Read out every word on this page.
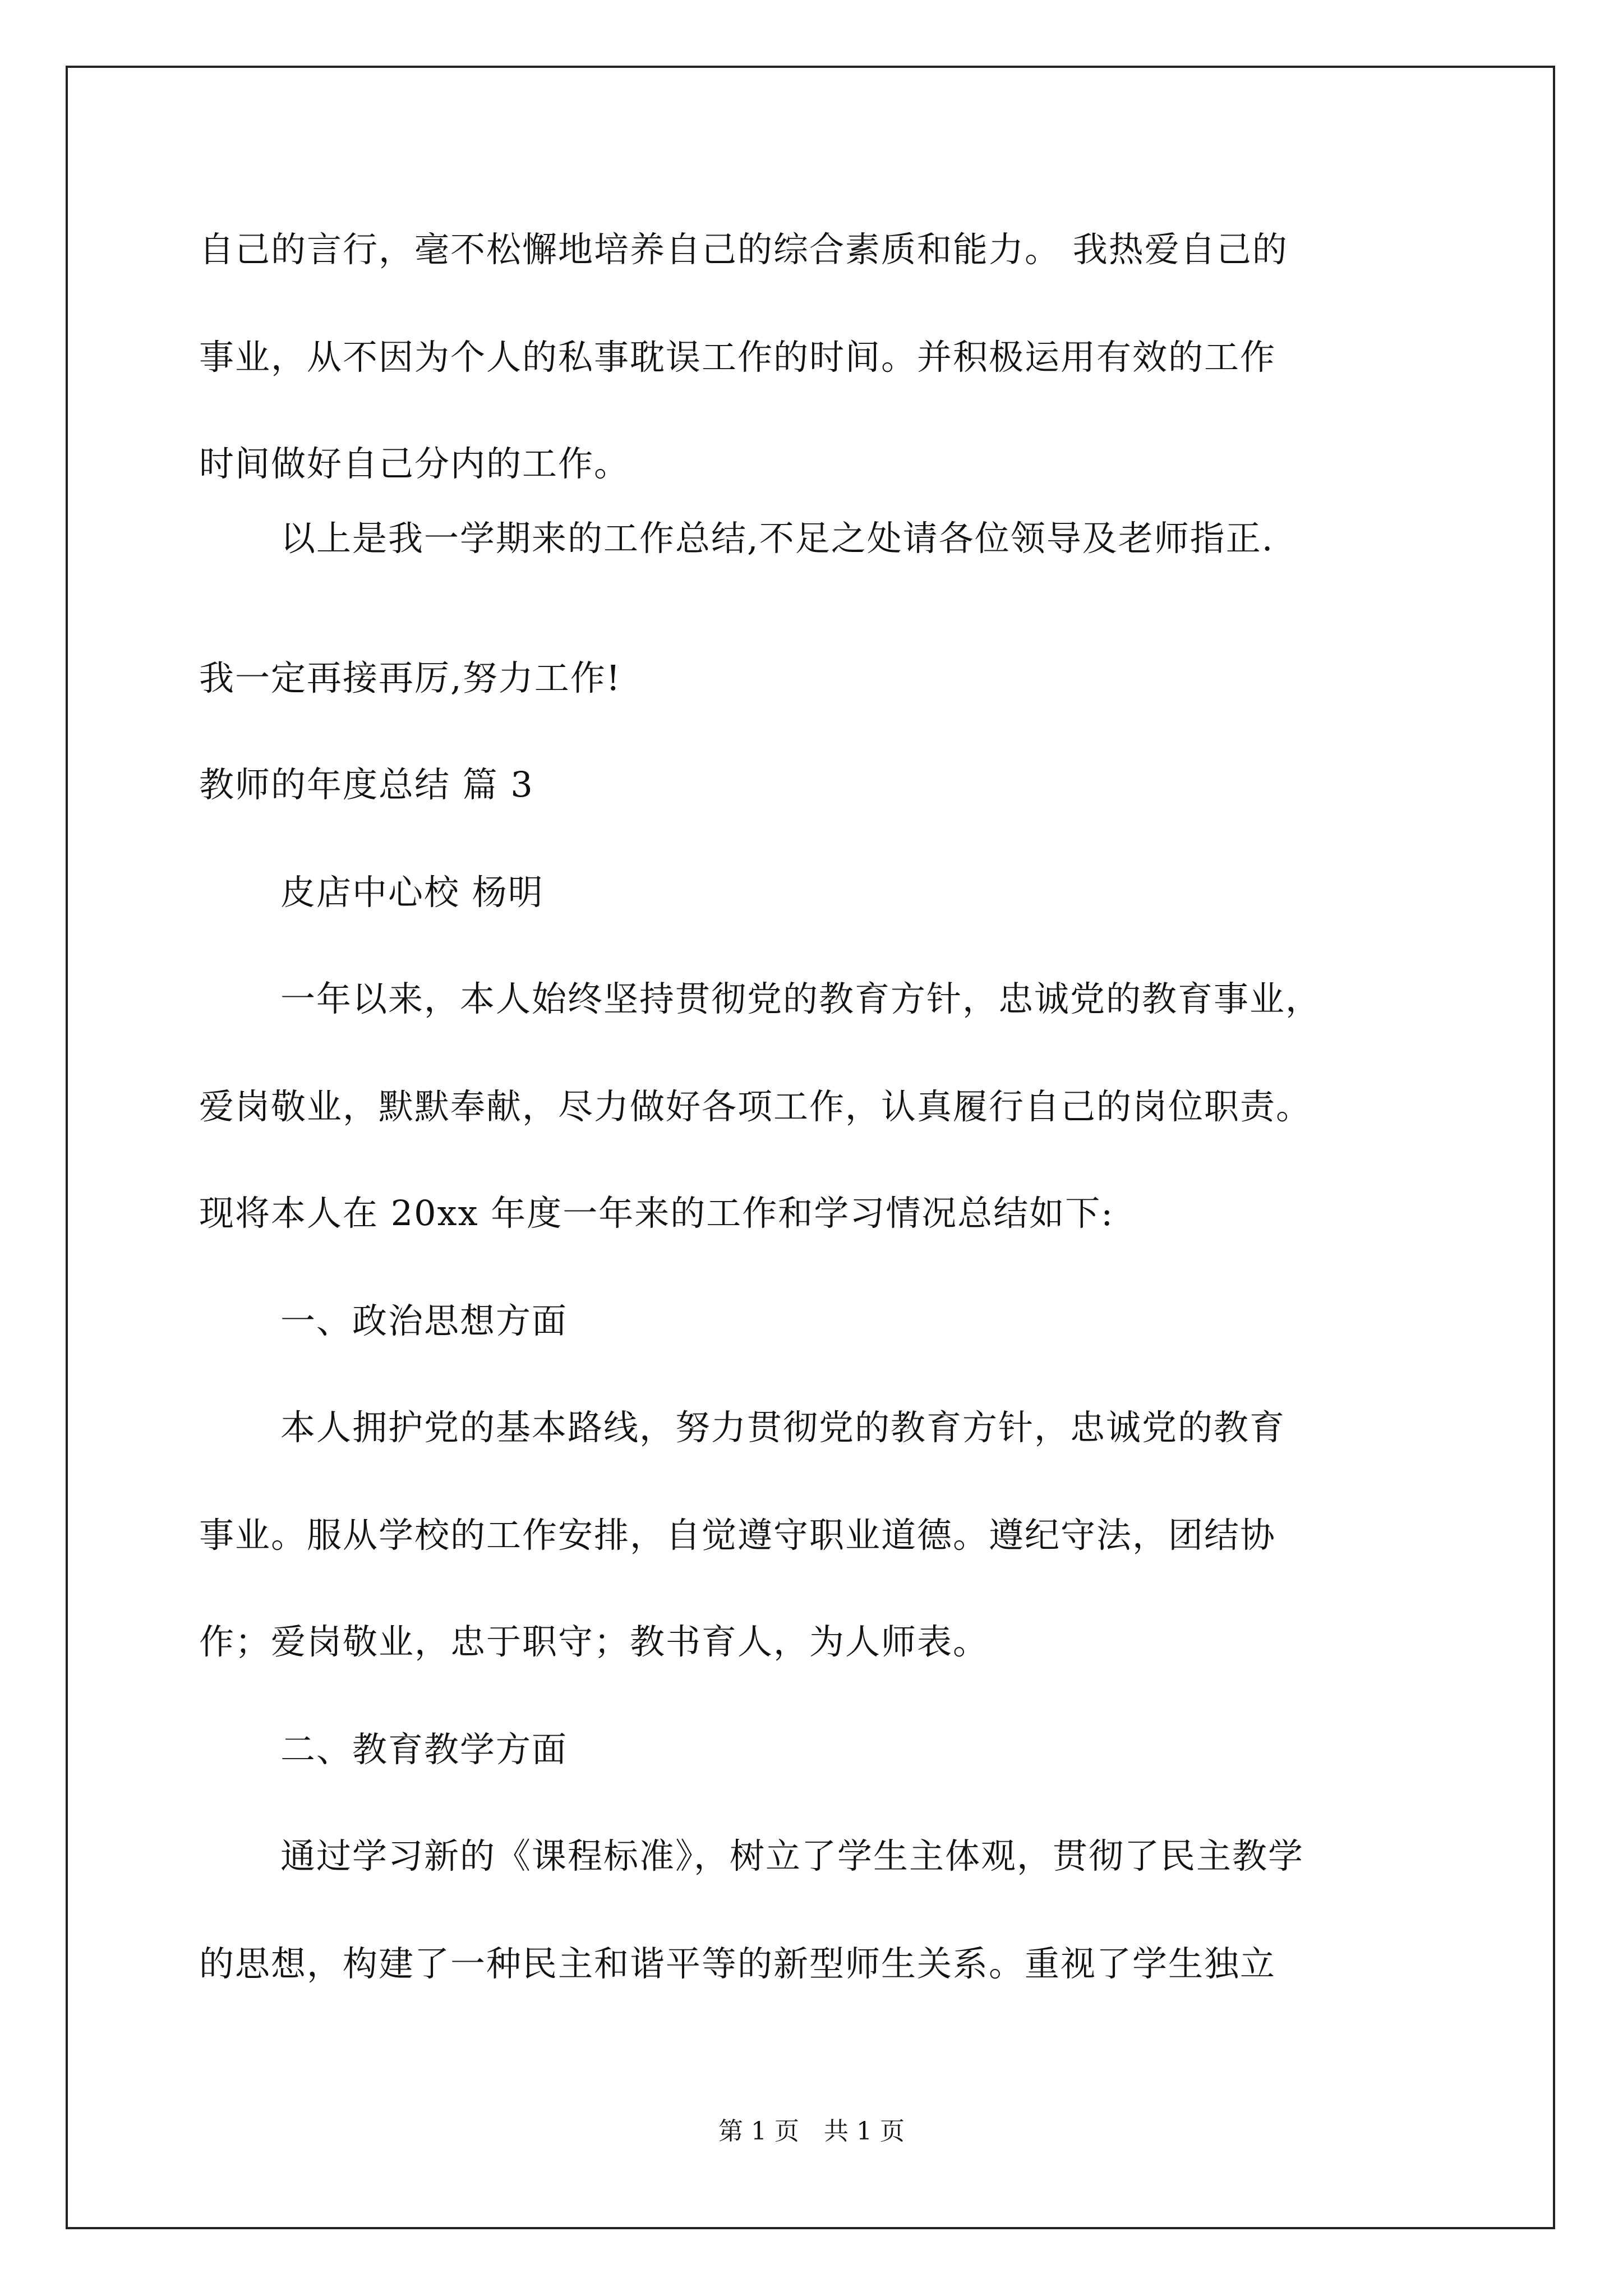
自己的言行，毫不松懈地培养自己的综合素质和能力。 我热爱自己的
事业，从不因为个人的私事耽误工作的时间。并积极运用有效的工作
时间做好自己分内的工作。
以上是我一学期来的工作总结,不足之处请各位领导及老师指正.
我一定再接再厉,努力工作!
教师的年度总结 篇 3
皮店中心校 杨明
一年以来，本人始终坚持贯彻党的教育方针，忠诚党的教育事业，
爱岗敬业，默默奉献，尽力做好各项工作，认真履行自己的岗位职责。
现将本人在 20xx 年度一年来的工作和学习情况总结如下:
一、政治思想方面
本人拥护党的基本路线，努力贯彻党的教育方针，忠诚党的教育
事业。服从学校的工作安排，自觉遵守职业道德。遵纪守法，团结协
作；爱岗敬业，忠于职守；教书育人，为人师表。
二、教育教学方面
通过学习新的《课程标准》，树立了学生主体观，贯彻了民主教学
的思想，构建了一种民主和谐平等的新型师生关系。重视了学生独立
第 1 页　共 1 页
